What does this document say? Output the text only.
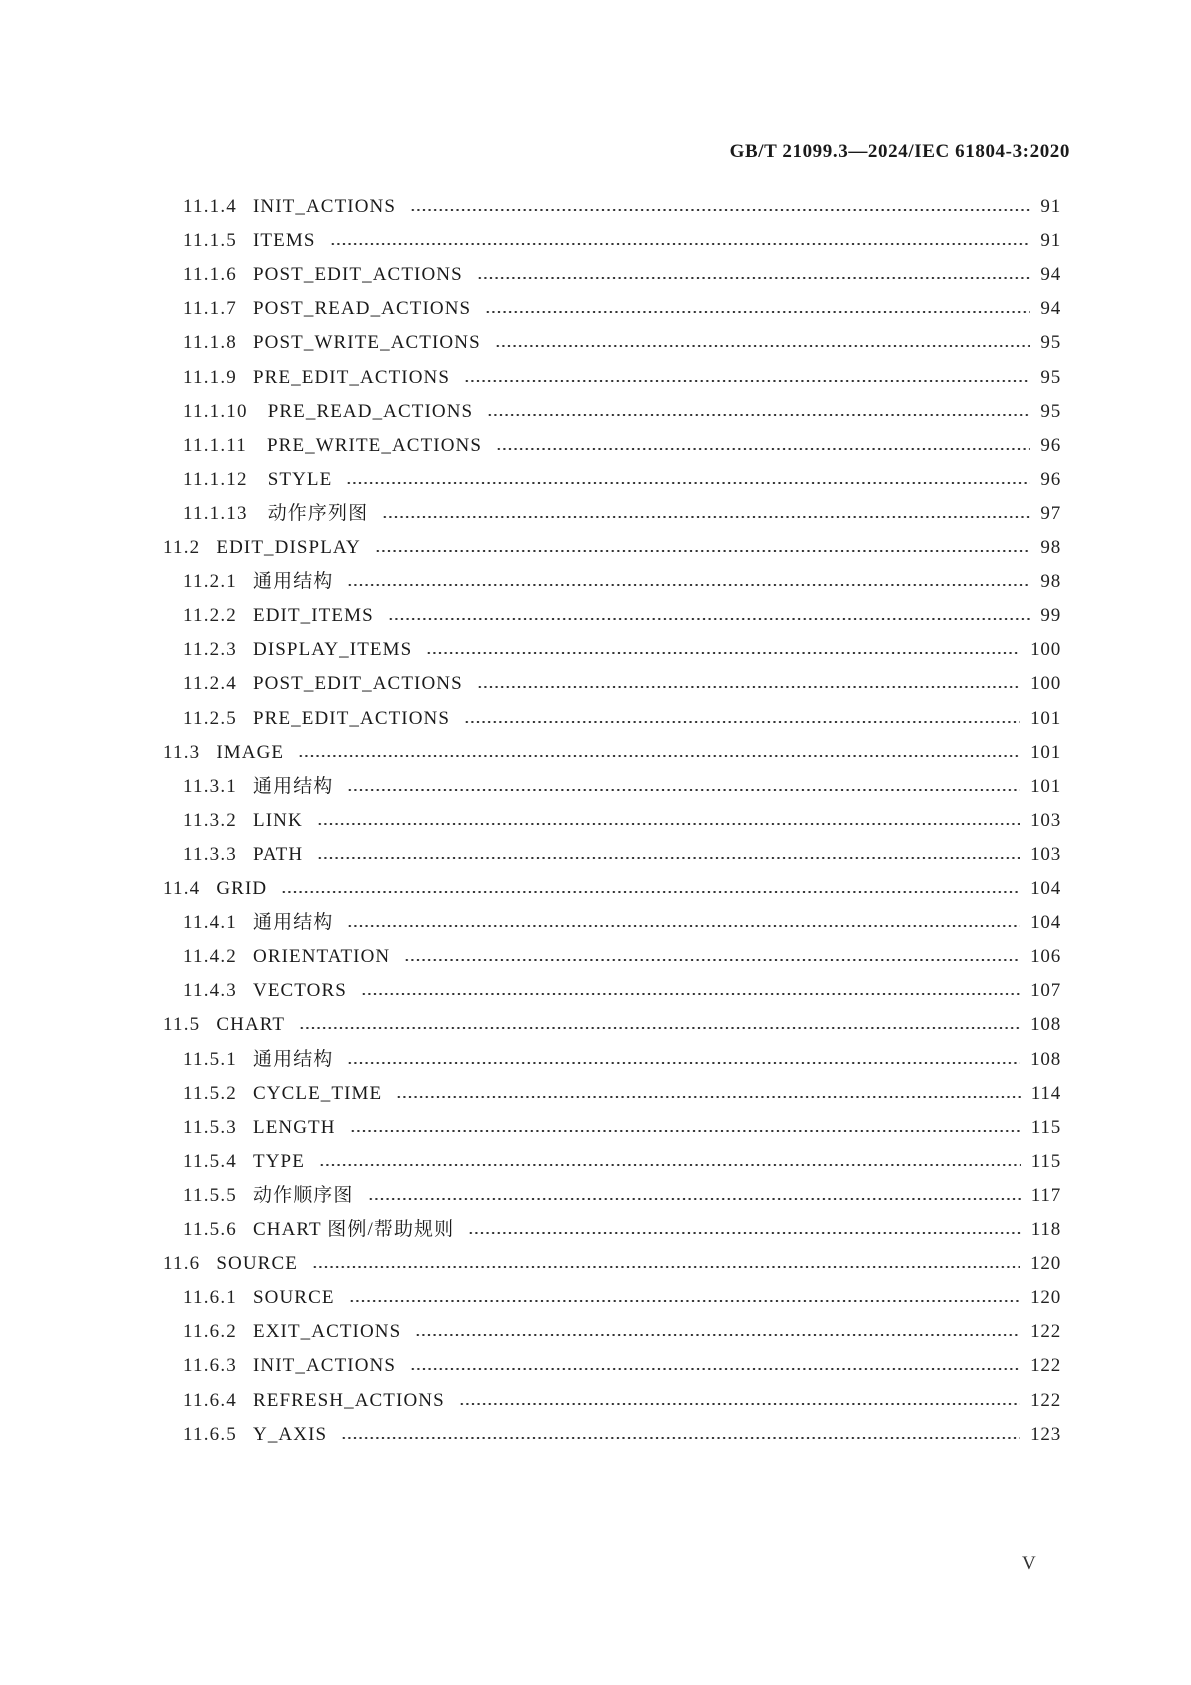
GB/T 21099.3—2024/IEC 61804-3:2020
11.1.4 INIT_ACTIONS	91
11.1.5 ITEMS	91
11.1.6 POST_EDIT_ACTIONS	94
11.1.7 POST_READ_ACTIONS	94
11.1.8 POST_WRITE_ACTIONS	95
11.1.9 PRE_EDIT_ACTIONS	95
11.1.10 PRE_READ_ACTIONS	95
11.1.11 PRE_WRITE_ACTIONS	96
11.1.12 STYLE	96
11.1.13 动作序列图	97
11.2 EDIT_DISPLAY	98
11.2.1 通用结构	98
11.2.2 EDIT_ITEMS	99
11.2.3 DISPLAY_ITEMS	100
11.2.4 POST_EDIT_ACTIONS	100
11.2.5 PRE_EDIT_ACTIONS	101
11.3 IMAGE	101
11.3.1 通用结构	101
11.3.2 LINK	103
11.3.3 PATH	103
11.4 GRID	104
11.4.1 通用结构	104
11.4.2 ORIENTATION	106
11.4.3 VECTORS	107
11.5 CHART	108
11.5.1 通用结构	108
11.5.2 CYCLE_TIME	114
11.5.3 LENGTH	115
11.5.4 TYPE	115
11.5.5 动作顺序图	117
11.5.6 CHART 图例/帮助规则	118
11.6 SOURCE	120
11.6.1 SOURCE	120
11.6.2 EXIT_ACTIONS	122
11.6.3 INIT_ACTIONS	122
11.6.4 REFRESH_ACTIONS	122
11.6.5 Y_AXIS	123
V
